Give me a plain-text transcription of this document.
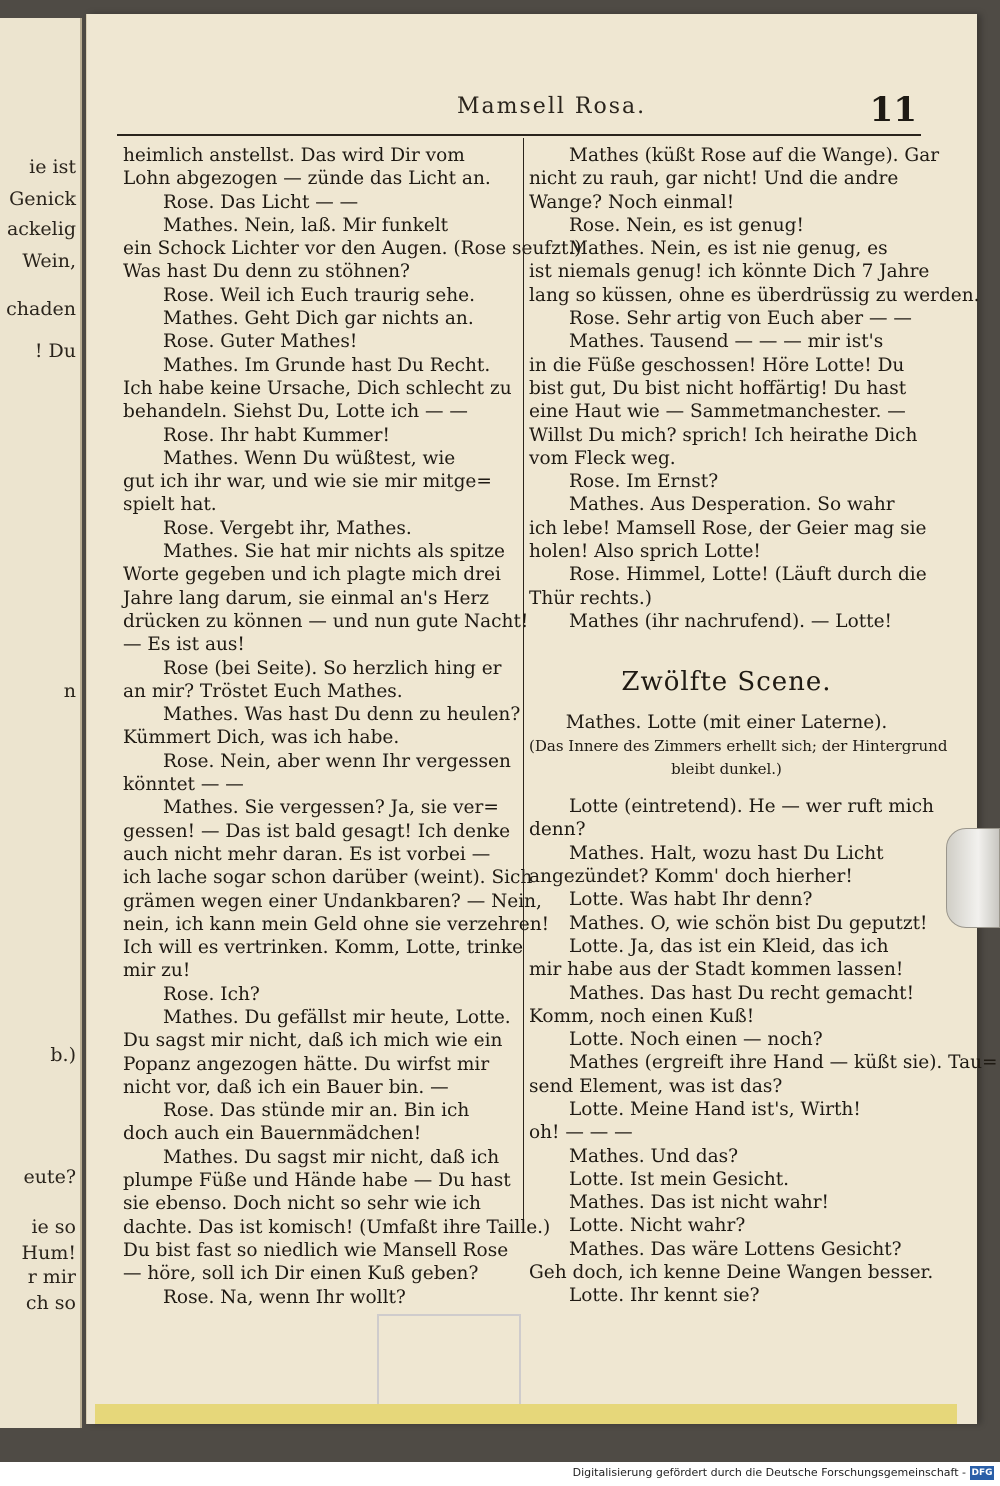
ie ist
Genick
ackelig
Wein,
chaden
! Du
n
b.)
eute?
ie so
Hum!
r mir
ch so
Mamsell Rosa.	11
heimlich anstellst. Das wird Dir vom
Lohn abgezogen — zünde das Licht an.
Rose. Das Licht — —
Mathes. Nein, laß. Mir funkelt
ein Schock Lichter vor den Augen. (Rose seufzt.)
Was hast Du denn zu stöhnen?
Rose. Weil ich Euch traurig sehe.
Mathes. Geht Dich gar nichts an.
Rose. Guter Mathes!
Mathes. Im Grunde hast Du Recht.
Ich habe keine Ursache, Dich schlecht zu
behandeln. Siehst Du, Lotte ich — —
Rose. Ihr habt Kummer!
Mathes. Wenn Du wüßtest, wie
gut ich ihr war, und wie sie mir mitge=
spielt hat.
Rose. Vergebt ihr, Mathes.
Mathes. Sie hat mir nichts als spitze
Worte gegeben und ich plagte mich drei
Jahre lang darum, sie einmal an's Herz
drücken zu können — und nun gute Nacht!
— Es ist aus!
Rose (bei Seite). So herzlich hing er
an mir? Tröstet Euch Mathes.
Mathes. Was hast Du denn zu heulen?
Kümmert Dich, was ich habe.
Rose. Nein, aber wenn Ihr vergessen
könntet — —
Mathes. Sie vergessen? Ja, sie ver=
gessen! — Das ist bald gesagt! Ich denke
auch nicht mehr daran. Es ist vorbei —
ich lache sogar schon darüber (weint). Sich
grämen wegen einer Undankbaren? — Nein,
nein, ich kann mein Geld ohne sie verzehren!
Ich will es vertrinken. Komm, Lotte, trinke
mir zu!
Rose. Ich?
Mathes. Du gefällst mir heute, Lotte.
Du sagst mir nicht, daß ich mich wie ein
Popanz angezogen hätte. Du wirfst mir
nicht vor, daß ich ein Bauer bin. —
Rose. Das stünde mir an. Bin ich
doch auch ein Bauernmädchen!
Mathes. Du sagst mir nicht, daß ich
plumpe Füße und Hände habe — Du hast
sie ebenso. Doch nicht so sehr wie ich
dachte. Das ist komisch! (Umfaßt ihre Taille.)
Du bist fast so niedlich wie Mansell Rose
— höre, soll ich Dir einen Kuß geben?
Rose. Na, wenn Ihr wollt?
Mathes (küßt Rose auf die Wange). Gar
nicht zu rauh, gar nicht! Und die andre
Wange? Noch einmal!
Rose. Nein, es ist genug!
Mathes. Nein, es ist nie genug, es
ist niemals genug! ich könnte Dich 7 Jahre
lang so küssen, ohne es überdrüssig zu werden.
Rose. Sehr artig von Euch aber — —
Mathes. Tausend — — — mir ist's
in die Füße geschossen! Höre Lotte! Du
bist gut, Du bist nicht hoffärtig! Du hast
eine Haut wie — Sammetmanchester. —
Willst Du mich? sprich! Ich heirathe Dich
vom Fleck weg.
Rose. Im Ernst?
Mathes. Aus Desperation. So wahr
ich lebe! Mamsell Rose, der Geier mag sie
holen! Also sprich Lotte!
Rose. Himmel, Lotte! (Läuft durch die
Thür rechts.)
Mathes (ihr nachrufend). — Lotte!
Zwölfte Scene.
Mathes. Lotte (mit einer Laterne).
(Das Innere des Zimmers erhellt sich; der Hintergrund
bleibt dunkel.)
Lotte (eintretend). He — wer ruft mich
denn?
Mathes. Halt, wozu hast Du Licht
angezündet? Komm' doch hierher!
Lotte. Was habt Ihr denn?
Mathes. O, wie schön bist Du geputzt!
Lotte. Ja, das ist ein Kleid, das ich
mir habe aus der Stadt kommen lassen!
Mathes. Das hast Du recht gemacht!
Komm, noch einen Kuß!
Lotte. Noch einen — noch?
Mathes (ergreift ihre Hand — küßt sie). Tau=
send Element, was ist das?
Lotte. Meine Hand ist's, Wirth!
oh! — — —
Mathes. Und das?
Lotte. Ist mein Gesicht.
Mathes. Das ist nicht wahr!
Lotte. Nicht wahr?
Mathes. Das wäre Lottens Gesicht?
Geh doch, ich kenne Deine Wangen besser.
Lotte. Ihr kennt sie?
Digitalisierung gefördert durch die Deutsche Forschungsgemeinschaft - DFG
